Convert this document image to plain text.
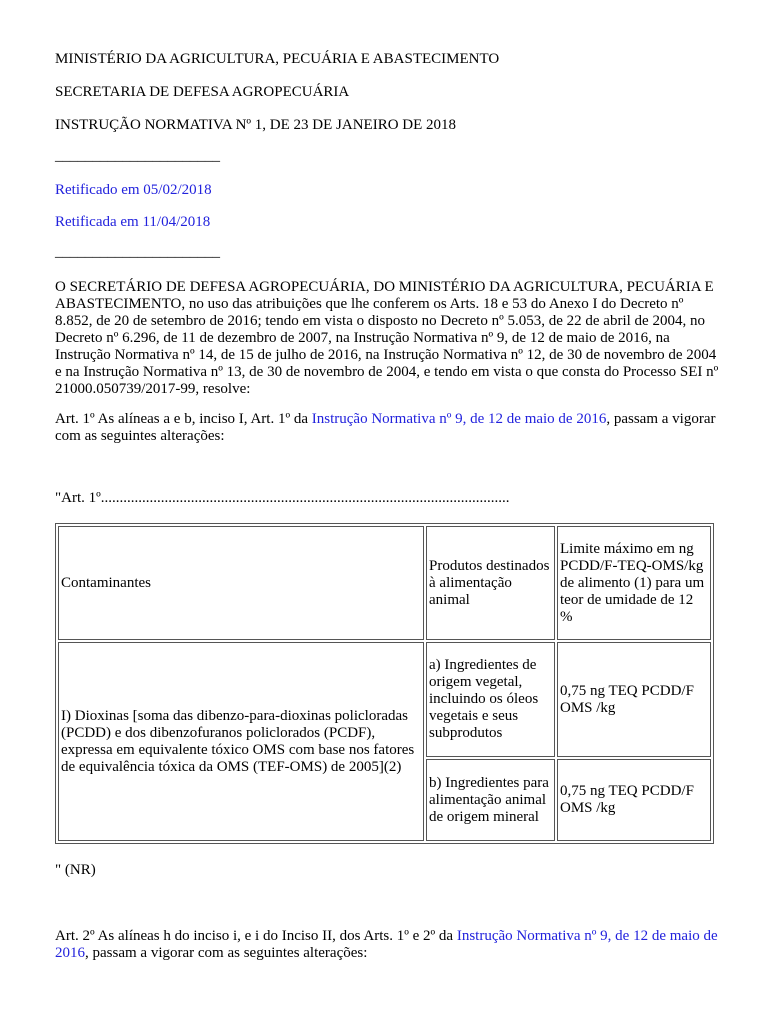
MINISTÉRIO DA AGRICULTURA, PECUÁRIA E ABASTECIMENTO
SECRETARIA DE DEFESA AGROPECUÁRIA
INSTRUÇÃO NORMATIVA Nº 1, DE 23 DE JANEIRO DE 2018
______________________
Retificado em 05/02/2018
Retificada em 11/04/2018
______________________
O SECRETÁRIO DE DEFESA AGROPECUÁRIA, DO MINISTÉRIO DA AGRICULTURA, PECUÁRIA E ABASTECIMENTO, no uso das atribuições que lhe conferem os Arts. 18 e 53 do Anexo I do Decreto nº 8.852, de 20 de setembro de 2016; tendo em vista o disposto no Decreto nº 5.053, de 22 de abril de 2004, no Decreto nº 6.296, de 11 de dezembro de 2007, na Instrução Normativa nº 9, de 12 de maio de 2016, na Instrução Normativa nº 14, de 15 de julho de 2016, na Instrução Normativa nº 12, de 30 de novembro de 2004 e na Instrução Normativa nº 13, de 30 de novembro de 2004, e tendo em vista o que consta do Processo SEI nº 21000.050739/2017-99, resolve:
Art. 1º As alíneas a e b, inciso I, Art. 1º da Instrução Normativa nº 9, de 12 de maio de 2016, passam a vigorar com as seguintes alterações:
"Art. 1º.............................................................................................................
Contaminantes	Produtos destinados à alimentação animal	Limite máximo em ng PCDD/F-TEQ-OMS/kg de alimento (1) para um teor de umidade de 12 %
I) Dioxinas [soma das dibenzo-para-dioxinas policloradas (PCDD) e dos dibenzofuranos policlorados (PCDF), expressa em equivalente tóxico OMS com base nos fatores de equivalência tóxica da OMS (TEF-OMS) de 2005](2)	a) Ingredientes de origem vegetal, incluindo os óleos vegetais e seus subprodutos	0,75 ng TEQ PCDD/F OMS /kg
	b) Ingredientes para alimentação animal de origem mineral	0,75 ng TEQ PCDD/F OMS /kg
" (NR)
Art. 2º As alíneas h do inciso i, e i do Inciso II, dos Arts. 1º e 2º da Instrução Normativa nº 9, de 12 de maio de 2016, passam a vigorar com as seguintes alterações:
